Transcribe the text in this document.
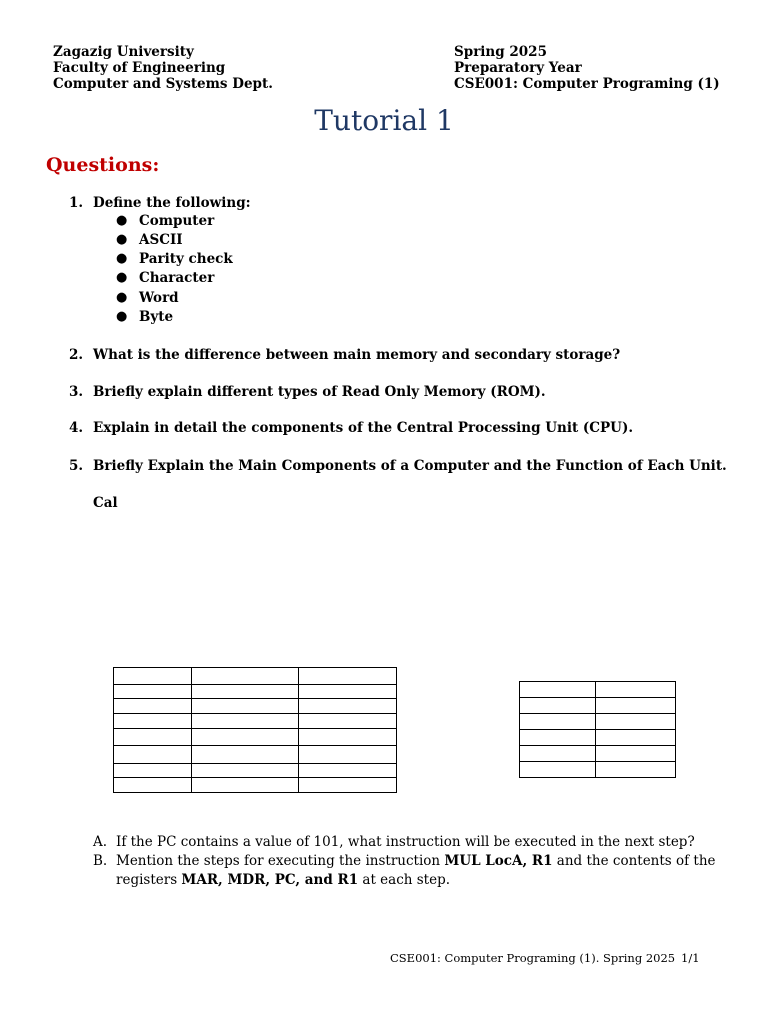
Zagazig University
Faculty of Engineering
Computer and Systems Dept.
Spring 2025
Preparatory Year
CSE001: Computer Programing (1)
Tutorial 1
Questions:
1. Define the following:
● Computer
● ASCII
● Parity check
● Character
● Word
● Byte
2. What is the difference between main memory and secondary storage?
3. Briefly explain different types of Read Only Memory (ROM).
4. Explain in detail the components of the Central Processing Unit (CPU).
5. Briefly Explain the Main Components of a Computer and the Function of Each Unit.
Cal

A. If the PC contains a value of 101, what instruction will be executed in the next step?
B. Mention the steps for executing the instruction MUL LocA, R1 and the contents of the
registers MAR, MDR, PC, and R1 at each step.
CSE001: Computer Programing (1). Spring 2025 1/1
